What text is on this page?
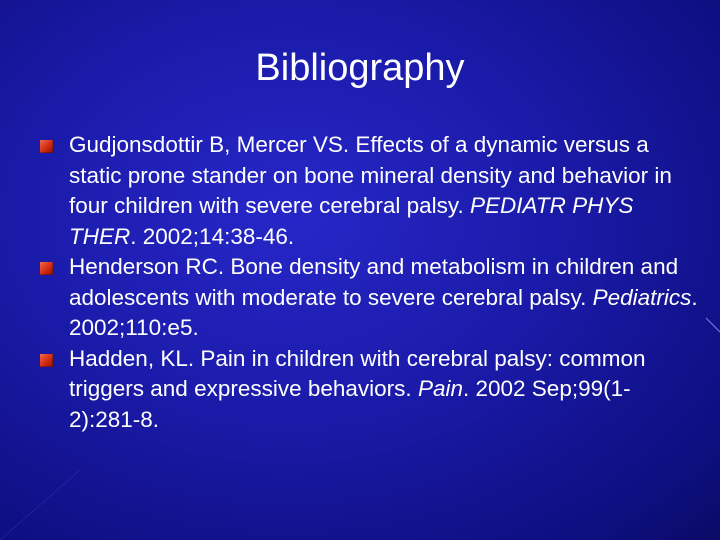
Bibliography
Gudjonsdottir B, Mercer VS. Effects of a dynamic versus a static prone stander on bone mineral density and behavior in four children with severe cerebral palsy. PEDIATR PHYS THER. 2002;14:38-46.
Henderson RC. Bone density and metabolism in children and adolescents with moderate to severe cerebral palsy. Pediatrics. 2002;110:e5.
Hadden, KL. Pain in children with cerebral palsy: common triggers and expressive behaviors. Pain. 2002 Sep;99(1-2):281-8.
